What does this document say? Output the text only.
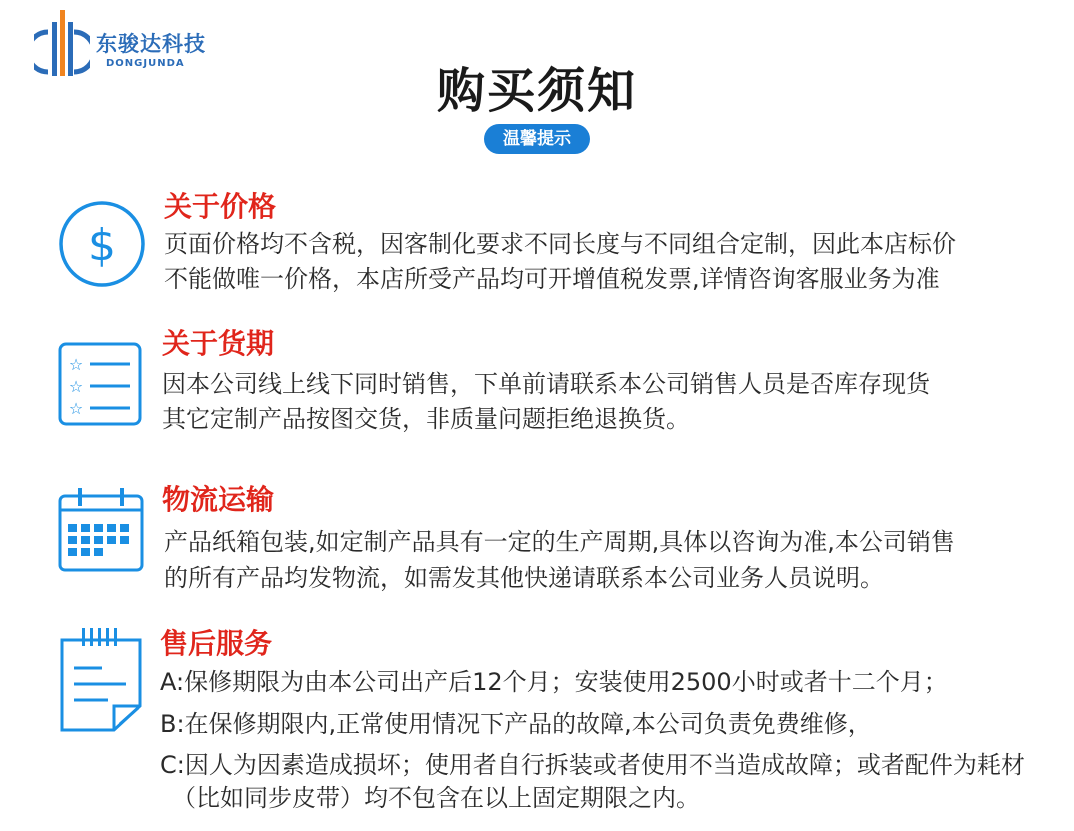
东骏达科技
DONGJUNDA	购买须知
温馨提示
$
关于价格
页面价格均不含税，因客制化要求不同长度与不同组合定制，因此本店标价
不能做唯一价格，本店所受产品均可开增值税发票,详情咨询客服业务为准
☆
☆
☆
关于货期
因本公司线上线下同时销售，下单前请联系本公司销售人员是否库存现货
其它定制产品按图交货，非质量问题拒绝退换货。
物流运输
产品纸箱包装,如定制产品具有一定的生产周期,具体以咨询为准,本公司销售
的所有产品均发物流，如需发其他快递请联系本公司业务人员说明。
售后服务
A:保修期限为由本公司出产后12个月；安装使用2500小时或者十二个月；
B:在保修期限内,正常使用情况下产品的故障,本公司负责免费维修，
C:因人为因素造成损坏；使用者自行拆装或者使用不当造成故障；或者配件为耗材
（比如同步皮带）均不包含在以上固定期限之内。
